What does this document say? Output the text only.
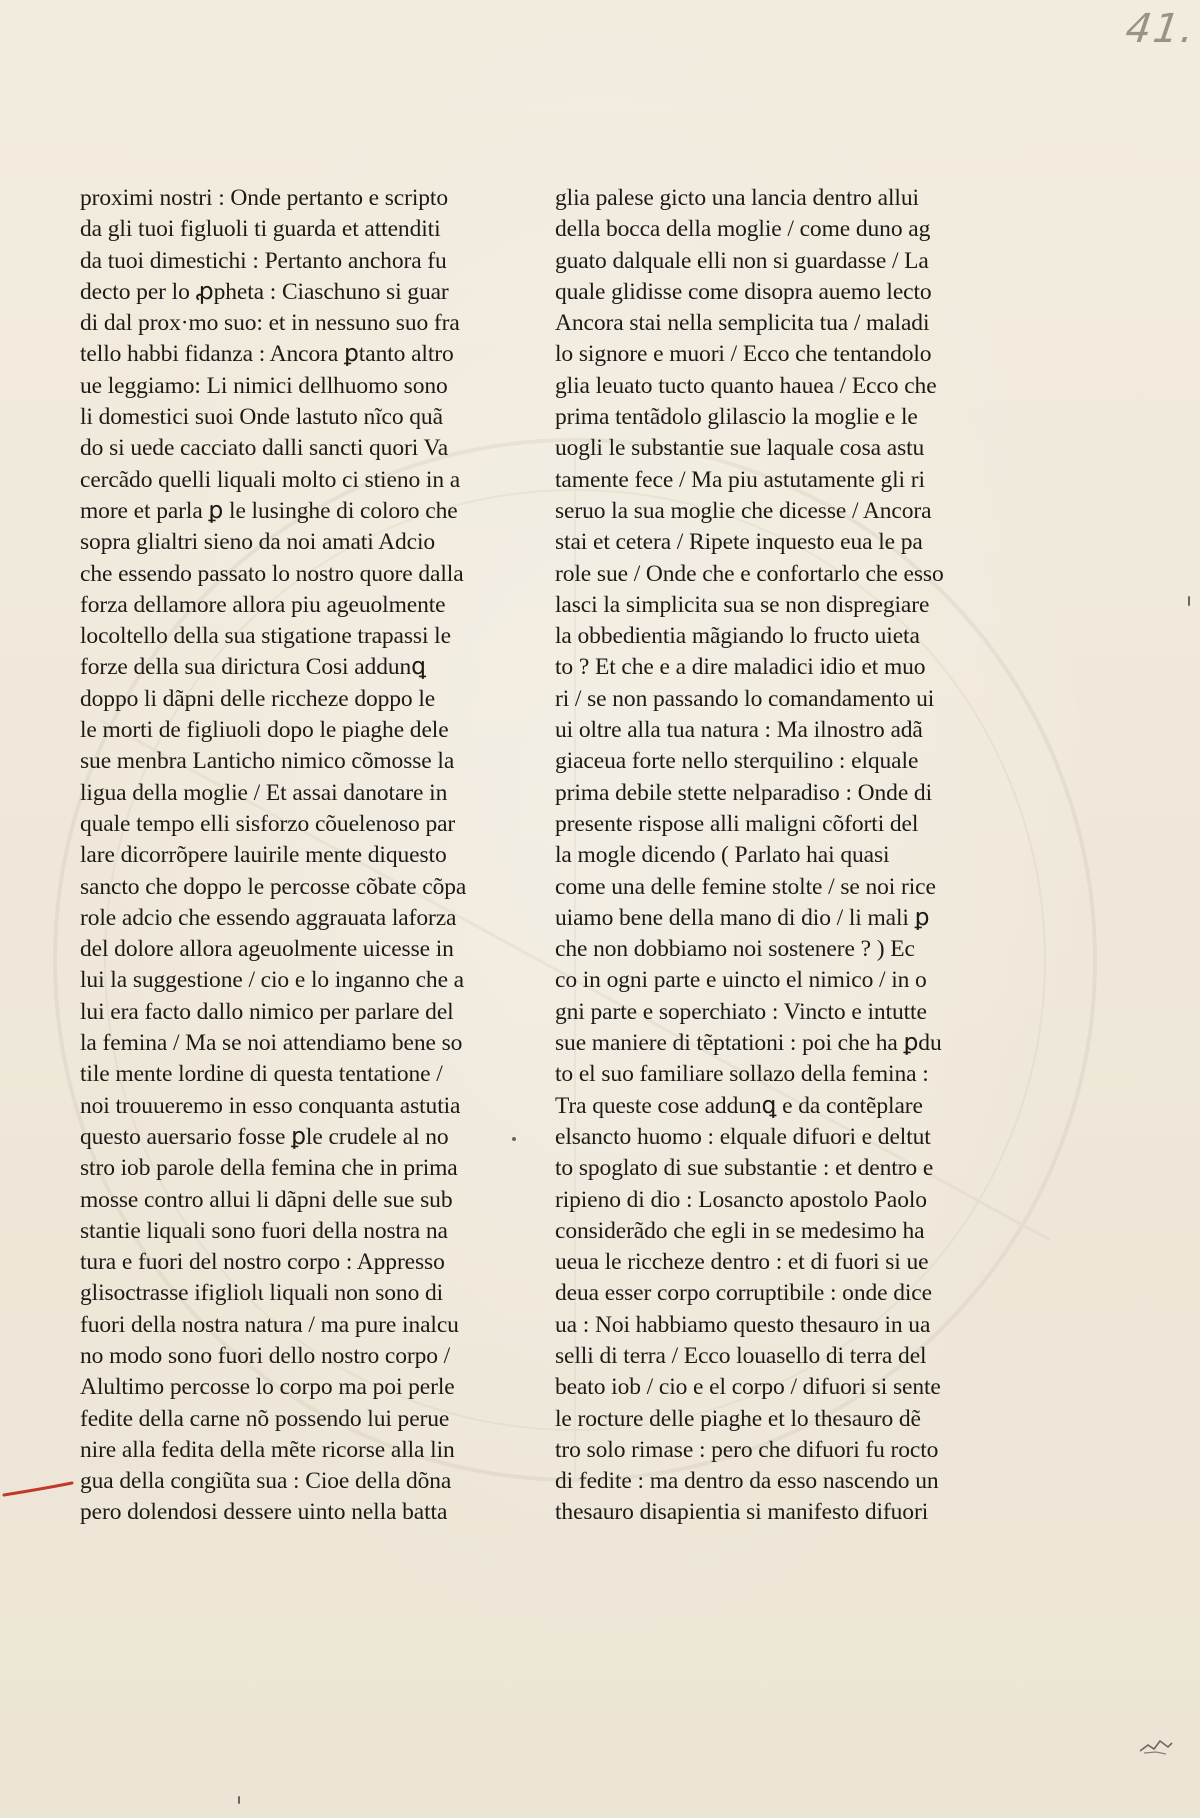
41.
proximi nostri : Onde pertanto e scripto
da gli tuoi figluoli ti guarda et attenditi
da tuoi dimestichi : Pertanto anchora fu
decto per lo ꝓpheta : Ciaschuno si guar
di dal prox·mo suo: et in nessuno suo fra
tello habbi fidanza : Ancora ꝑtanto altro
ue leggiamo: Li nimici dellhuomo sono
li domestici suoi Onde lastuto nĩco quã
do si uede cacciato dalli sancti quori Va
cercãdo quelli liquali molto ci stieno in a
more et parla ꝑ le lusinghe di coloro che
sopra glialtri sieno da noi amati Adcio
che essendo passato lo nostro quore dalla
forza dellamore allora piu ageuolmente
locoltello della sua stigatione trapassi le
forze della sua dirictura Cosi addunꝗ
doppo li dãpni delle riccheze doppo le
le morti de figliuoli dopo le piaghe dele
sue menbra Lanticho nimico cõmosse la
ligua della moglie / Et assai danotare in
quale tempo elli sisforzo cõuelenoso par
lare dicorrõpere lauirile mente diquesto
sancto che doppo le percosse cõbate cõpa
role adcio che essendo aggrauata laforza
del dolore allora ageuolmente uicesse in
lui la suggestione / cio e lo inganno che a
lui era facto dallo nimico per parlare del
la femina / Ma se noi attendiamo bene so
tile mente lordine di questa tentatione /
noi trouueremo in esso conquanta astutia
questo auersario fosse ꝑle crudele al no
stro iob parole della femina che in prima
mosse contro allui li dãpni delle sue sub
stantie liquali sono fuori della nostra na
tura e fuori del nostro corpo : Appresso
glisoctrasse ifigliolι liquali non sono di
fuori della nostra natura / ma pure inalcu
no modo sono fuori dello nostro corpo /
Alultimo percosse lo corpo ma poi perle
fedite della carne nõ possendo lui perue
nire alla fedita della mẽte ricorse alla lin
gua della congiũta sua : Cioe della dõna
pero dolendosi dessere uinto nella batta
glia palese gicto una lancia dentro allui
della bocca della moglie / come duno ag
guato dalquale elli non si guardasse / La
quale glidisse come disopra auemo lecto
Ancora stai nella semplicita tua / maladi
lo signore e muori / Ecco che tentandolo
glia leuato tucto quanto hauea / Ecco che
prima tentãdolo glilascio la moglie e le
uogli le substantie sue laquale cosa astu
tamente fece / Ma piu astutamente gli ri
seruo la sua moglie che dicesse / Ancora
stai et cetera / Ripete inquesto eua le pa
role sue / Onde che e confortarlo che esso
lasci la simplicita sua se non dispregiare
la obbedientia mãgiando lo fructo uieta
to ? Et che e a dire maladici idio et muo
ri / se non passando lo comandamento ui
ui oltre alla tua natura : Ma ilnostro adã
giaceua forte nello sterquilino : elquale
prima debile stette nelparadiso : Onde di
presente rispose alli maligni cõforti del
la mogle dicendo ( Parlato hai quasi
come una delle femine stolte / se noi rice
uiamo bene della mano di dio / li mali ꝑ
che non dobbiamo noi sostenere ? ) Ec
co in ogni parte e uincto el nimico / in o
gni parte e soperchiato : Vincto e intutte
sue maniere di tẽptationi : poi che ha ꝑdu
to el suo familiare sollazo della femina :
Tra queste cose addunꝗ e da contẽplare
elsancto huomo : elquale difuori e deltut
to spoglato di sue substantie : et dentro e
ripieno di dio : Losancto apostolo Paolo
considerãdo che egli in se medesimo ha
ueua le riccheze dentro : et di fuori si ue
deua esser corpo corruptibile : onde dice
ua : Noi habbiamo questo thesauro in ua
selli di terra / Ecco louasello di terra del
beato iob / cio e el corpo / difuori si sente
le rocture delle piaghe et lo thesauro dẽ
tro solo rimase : pero che difuori fu rocto
di fedite : ma dentro da esso nascendo un
thesauro disapientia si manifesto difuori
